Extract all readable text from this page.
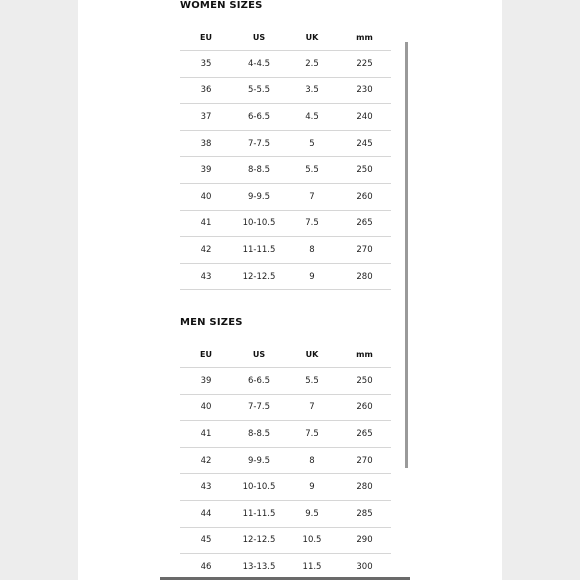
WOMEN SIZES
EU	US	UK	mm
35	4-4.5	2.5	225
36	5-5.5	3.5	230
37	6-6.5	4.5	240
38	7-7.5	5	245
39	8-8.5	5.5	250
40	9-9.5	7	260
41	10-10.5	7.5	265
42	11-11.5	8	270
43	12-12.5	9	280
MEN SIZES
EU	US	UK	mm
39	6-6.5	5.5	250
40	7-7.5	7	260
41	8-8.5	7.5	265
42	9-9.5	8	270
43	10-10.5	9	280
44	11-11.5	9.5	285
45	12-12.5	10.5	290
46	13-13.5	11.5	300
